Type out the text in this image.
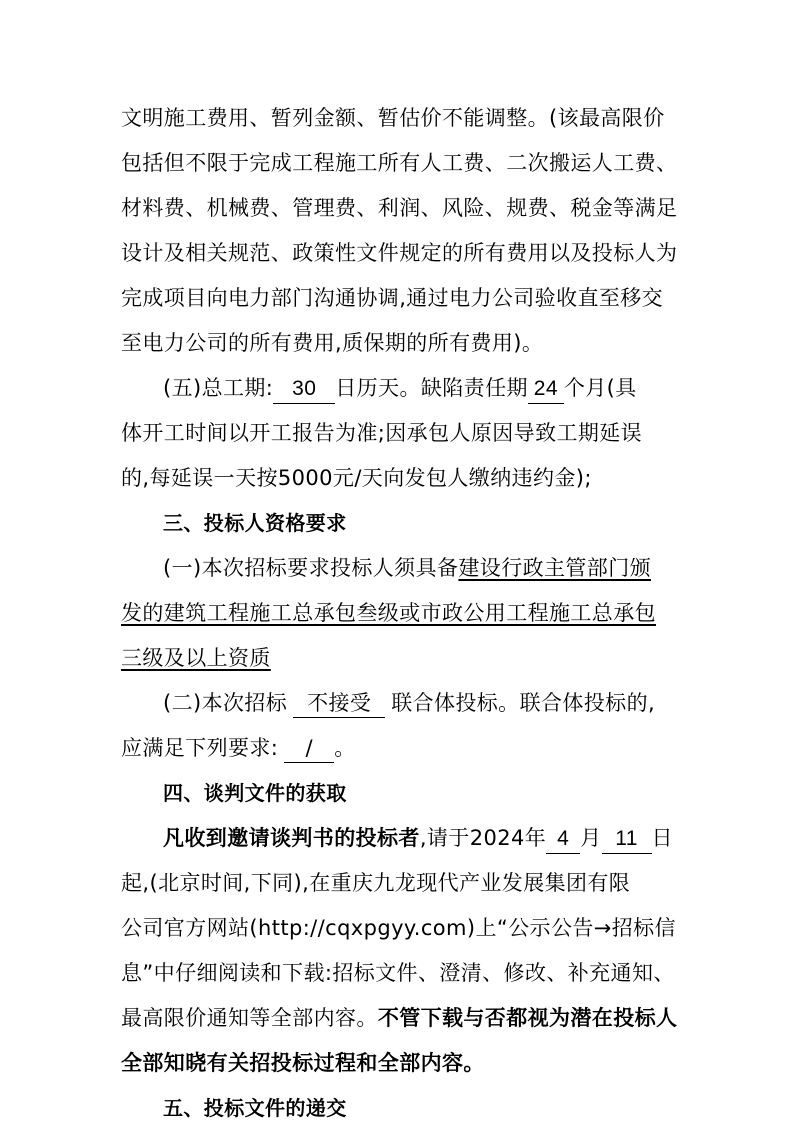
文明施工费用、暂列金额、暂估价不能调整。(该最高限价
包括但不限于完成工程施工所有人工费、二次搬运人工费、
材料费、机械费、管理费、利润、风险、规费、税金等满足
设计及相关规范、政策性文件规定的所有费用以及投标人为
完成项目向电力部门沟通协调,通过电力公司验收直至移交
至电力公司的所有费用,质保期的所有费用)。
(五)总工期: 30 日历天。缺陷责任期 24 个月(具
体开工时间以开工报告为准;因承包人原因导致工期延误
的,每延误一天按5000元/天向发包人缴纳违约金);
三、投标人资格要求
(一)本次招标要求投标人须具备建设行政主管部门颁
发的建筑工程施工总承包叁级或市政公用工程施工总承包
三级及以上资质
(二)本次招标 不接受 联合体投标。联合体投标的,
应满足下列要求: / 。
四、谈判文件的获取
凡收到邀请谈判书的投标者,请于2024年 4 月 11 日
起,(北京时间,下同),在重庆九龙现代产业发展集团有限
公司官方网站(http://cqxpgyy.com)上“公示公告→招标信
息”中仔细阅读和下载:招标文件、澄清、修改、补充通知、
最高限价通知等全部内容。不管下载与否都视为潜在投标人
全部知晓有关招投标过程和全部内容。
五、投标文件的递交
